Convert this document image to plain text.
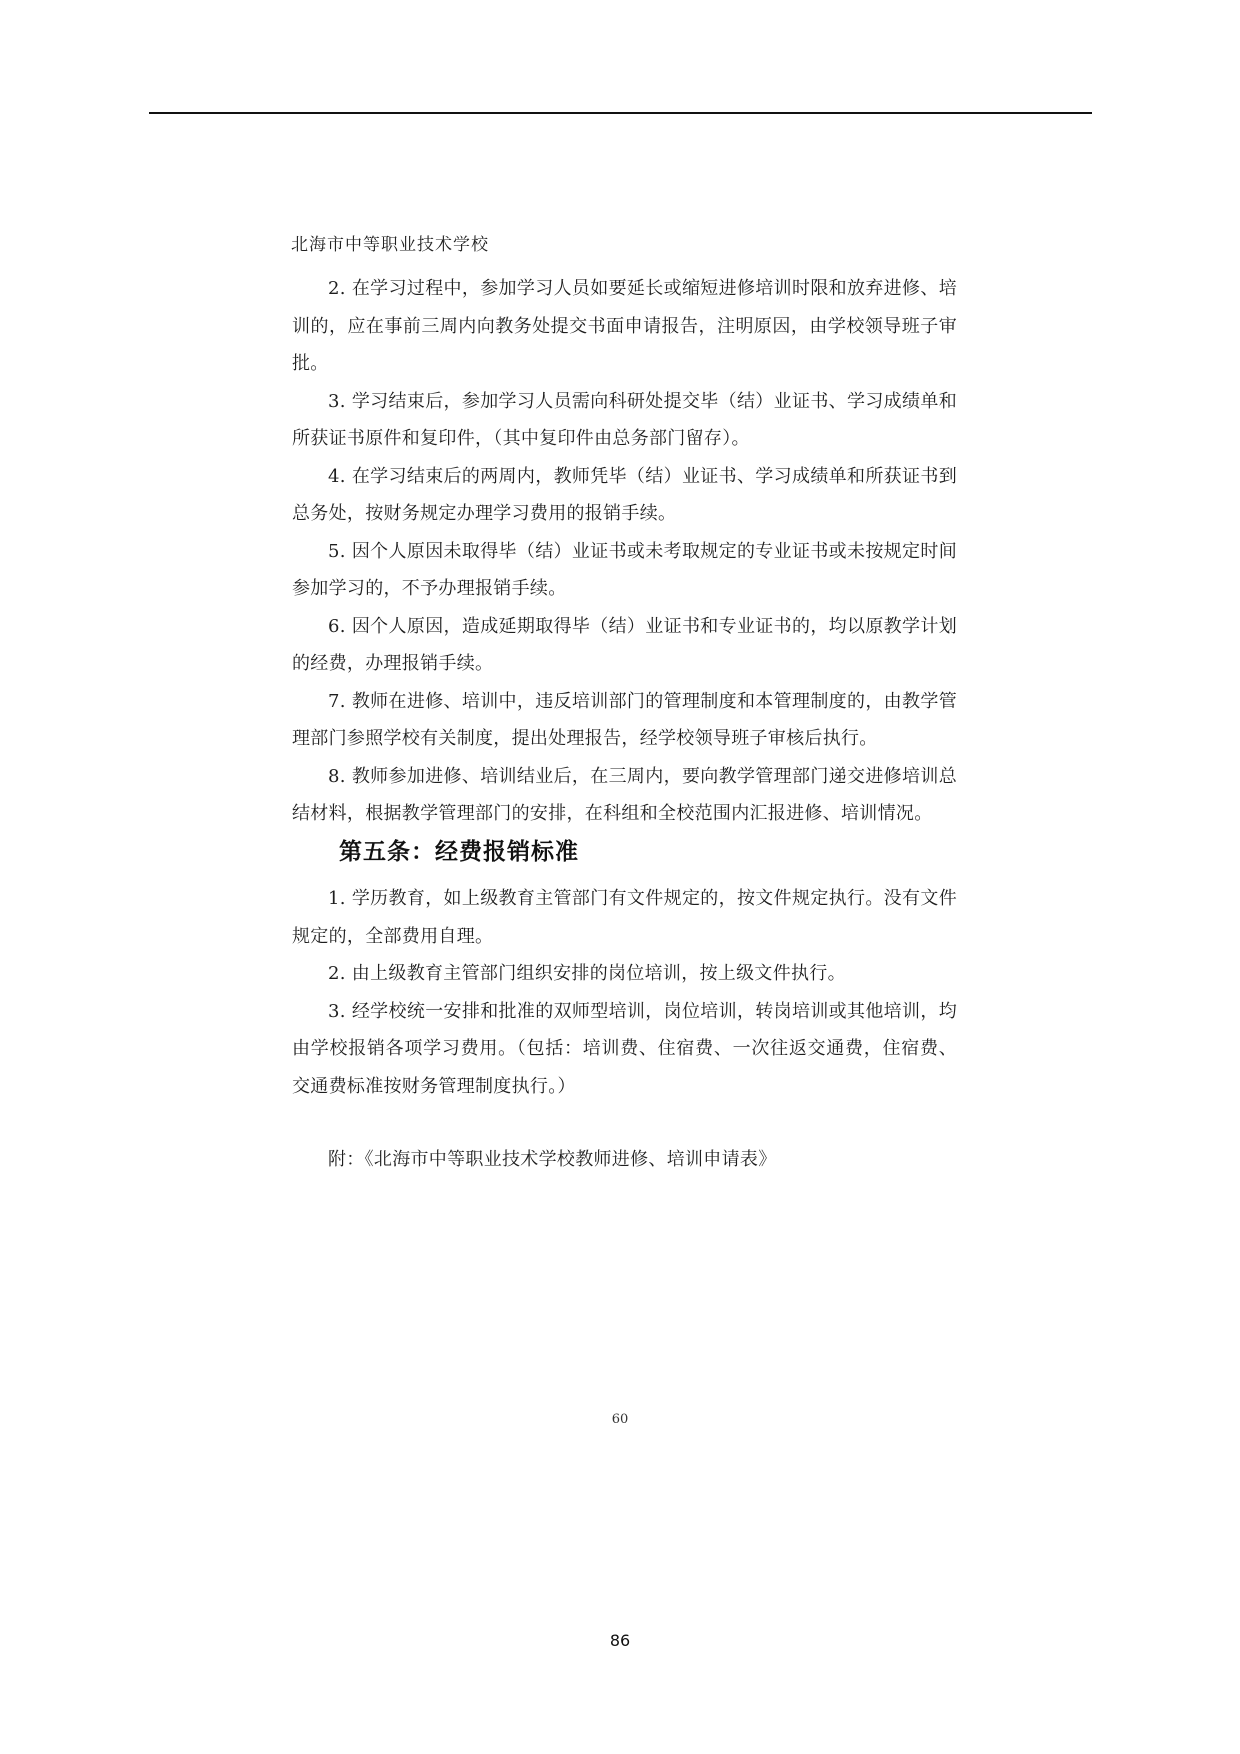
北海市中等职业技术学校

2. 在学习过程中，参加学习人员如要延长或缩短进修培训时限和放弃进修、培训的，应在事前三周内向教务处提交书面申请报告，注明原因，由学校领导班子审批。

3. 学习结束后，参加学习人员需向科研处提交毕（结）业证书、学习成绩单和所获证书原件和复印件，（其中复印件由总务部门留存）。

4. 在学习结束后的两周内，教师凭毕（结）业证书、学习成绩单和所获证书到总务处，按财务规定办理学习费用的报销手续。

5. 因个人原因未取得毕（结）业证书或未考取规定的专业证书或未按规定时间参加学习的，不予办理报销手续。

6. 因个人原因，造成延期取得毕（结）业证书和专业证书的，均以原教学计划的经费，办理报销手续。

7. 教师在进修、培训中，违反培训部门的管理制度和本管理制度的，由教学管理部门参照学校有关制度，提出处理报告，经学校领导班子审核后执行。

8. 教师参加进修、培训结业后，在三周内，要向教学管理部门递交进修培训总结材料，根据教学管理部门的安排，在科组和全校范围内汇报进修、培训情况。

第五条：经费报销标准

1. 学历教育，如上级教育主管部门有文件规定的，按文件规定执行。没有文件规定的，全部费用自理。

2. 由上级教育主管部门组织安排的岗位培训，按上级文件执行。

3. 经学校统一安排和批准的双师型培训，岗位培训，转岗培训或其他培训，均由学校报销各项学习费用。（包括：培训费、住宿费、一次往返交通费，住宿费、交通费标准按财务管理制度执行。）

附：《北海市中等职业技术学校教师进修、培训申请表》
60
86
